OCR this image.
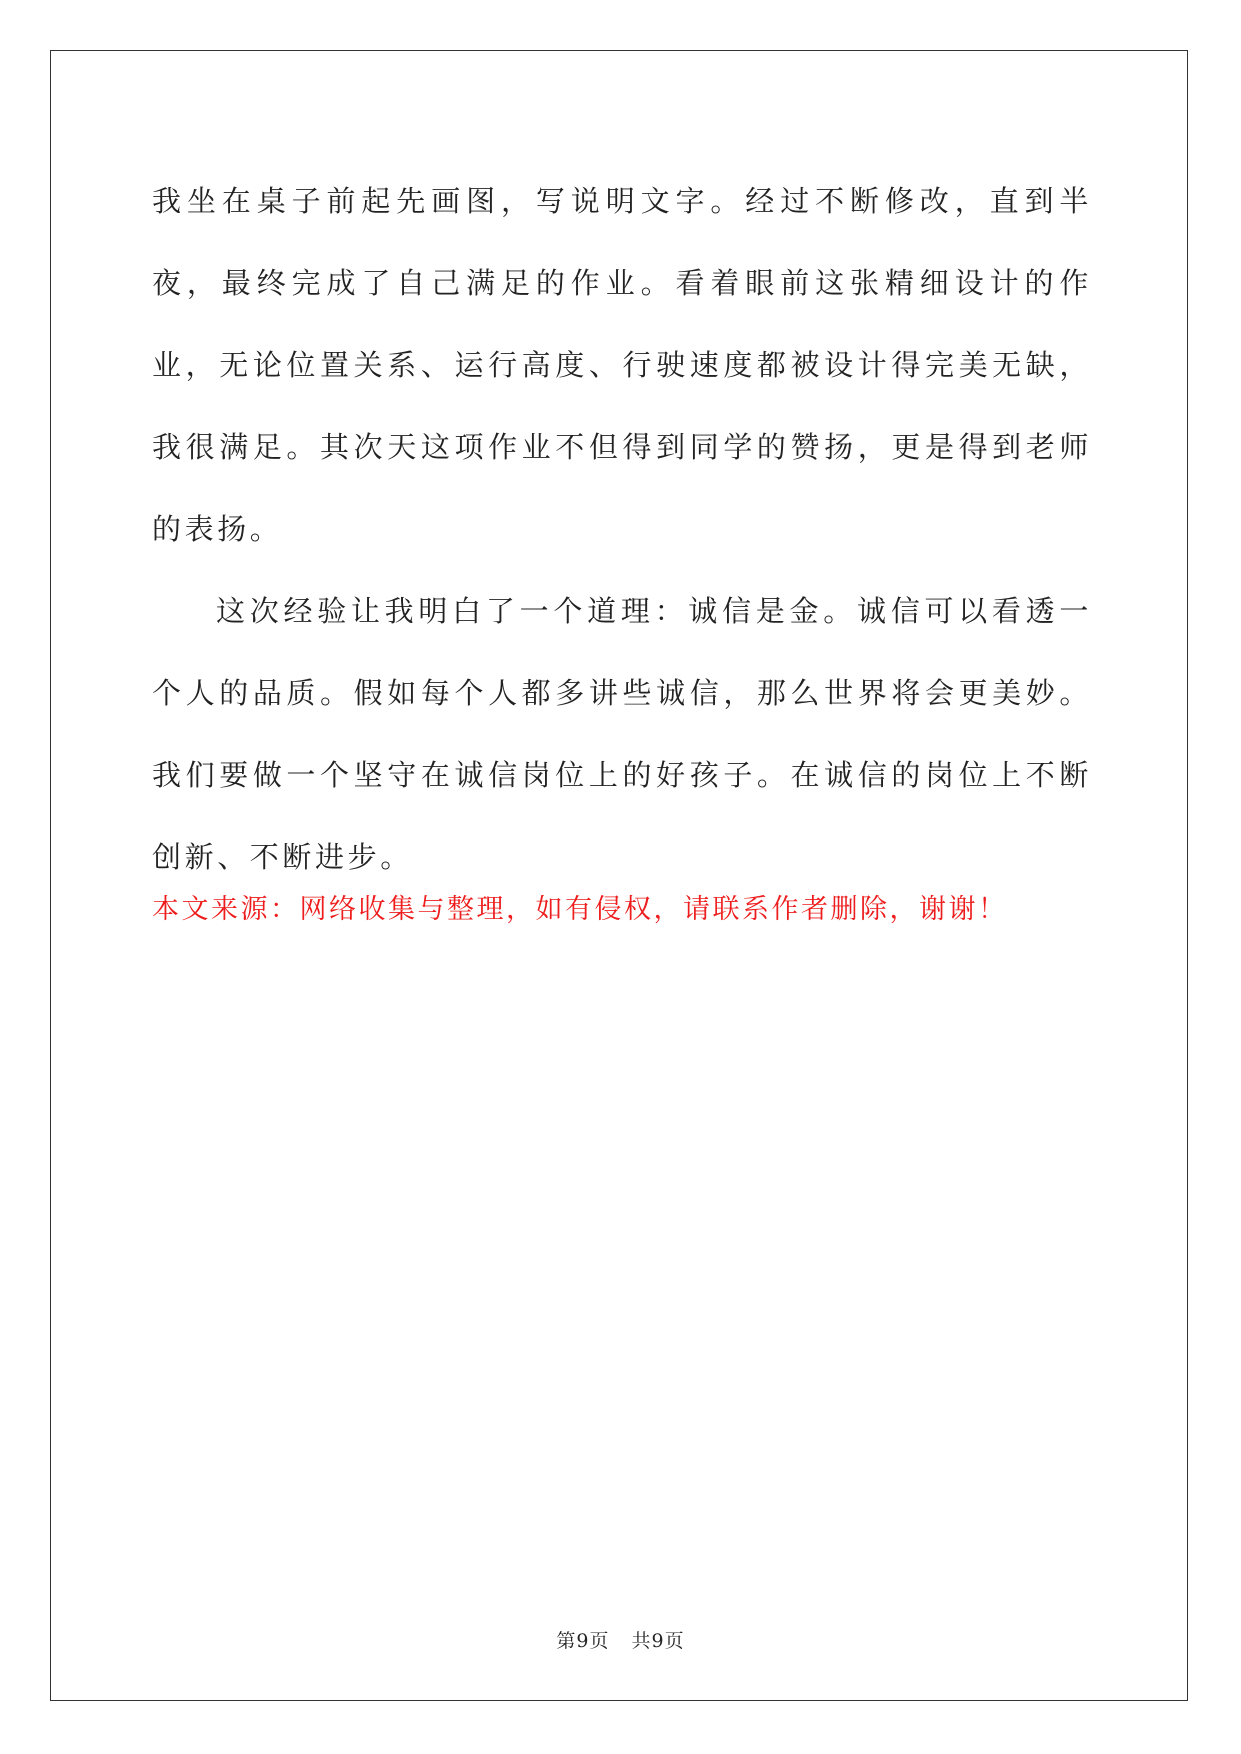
我坐在桌子前起先画图，写说明文字。经过不断修改，直到半夜，最终完成了自己满足的作业。看着眼前这张精细设计的作业，无论位置关系、运行高度、行驶速度都被设计得完美无缺，我很满足。其次天这项作业不但得到同学的赞扬，更是得到老师的表扬。

这次经验让我明白了一个道理：诚信是金。诚信可以看透一个人的品质。假如每个人都多讲些诚信，那么世界将会更美妙。我们要做一个坚守在诚信岗位上的好孩子。在诚信的岗位上不断创新、不断进步。

本文来源：网络收集与整理，如有侵权，请联系作者删除，谢谢！

第9页 共9页
